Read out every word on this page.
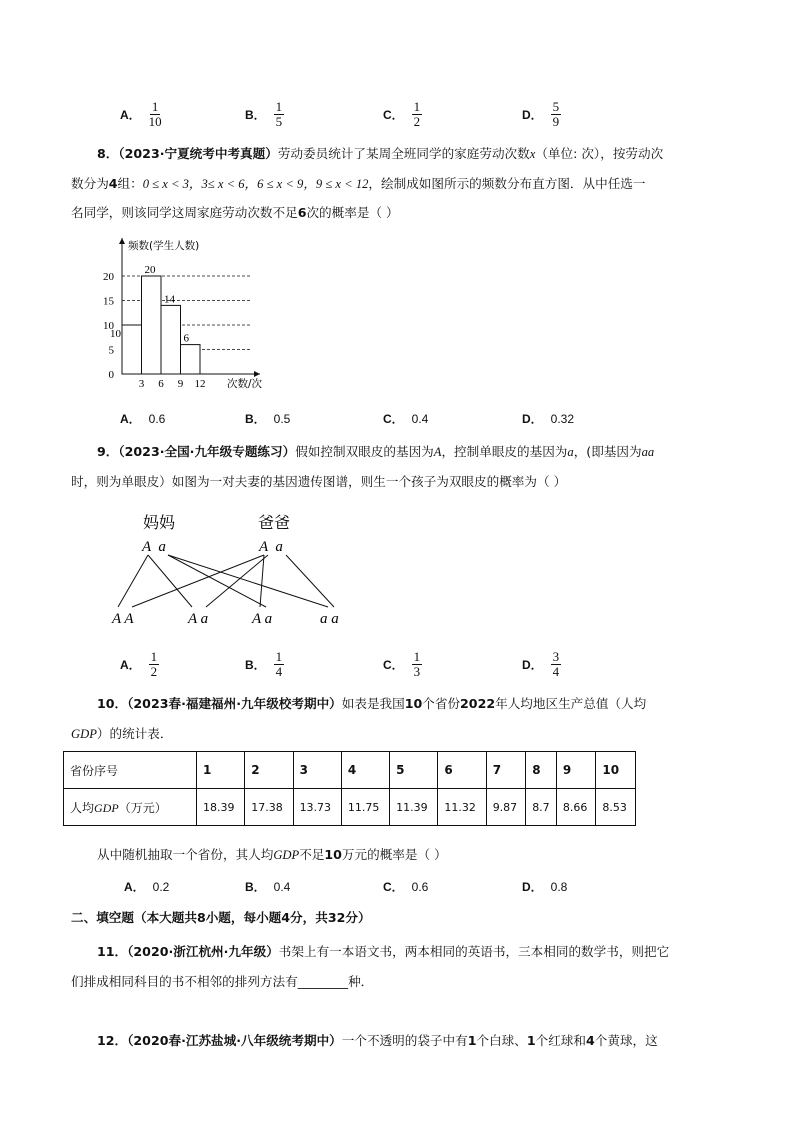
A． $\frac{1}{10}$	B． $\frac{1}{5}$	C． $\frac{1}{2}$	D． $\frac{5}{9}$
8．（2023·宁夏统考中考真题）劳动委员统计了某周全班同学的家庭劳动次数x（单位: 次），按劳动次
数分为4组：0 ≤ x < 3，3≤ x < 6，6 ≤ x < 9，9 ≤ x < 12，绘制成如图所示的频数分布直方图．从中任选一
名同学，则该同学这周家庭劳动次数不足6次的概率是（ ）
10
20
14
6
0
5
10
15
20
3 6 9 12
频数(学生人数)
次数/次
A． 0.6	B． 0.5	C． 0.4	D． 0.32
9．（2023·全国·九年级专题练习）假如控制双眼皮的基因为A，控制单眼皮的基因为a，(即基因为aa
时，则为单眼皮）如图为一对夫妻的基因遗传图谱，则生一个孩子为双眼皮的概率为（ ）
妈妈	爸爸
A  a	A  a
A A	A a	A a	a a
A． $\frac{1}{2}$	B． $\frac{1}{4}$	C． $\frac{1}{3}$	D． $\frac{3}{4}$
10．（2023春·福建福州·九年级校考期中）如表是我国10个省份2022年人均地区生产总值（人均
GDP）的统计表．
省份序号	1	2	3	4	5	6	7	8	9	10
人均GDP（万元）	18.39	17.38	13.73	11.75	11.39	11.32	9.87	8.7	8.66	8.53
从中随机抽取一个省份，其人均GDP不足10万元的概率是（ ）
A． 0.2	B． 0.4	C． 0.6	D． 0.8
二、填空题（本大题共8小题，每小题4分，共32分）
11．（2020·浙江杭州·九年级）书架上有一本语文书，两本相同的英语书，三本相同的数学书，则把它
们排成相同科目的书不相邻的排列方法有________种．
12．（2020春·江苏盐城·八年级统考期中）一个不透明的袋子中有1个白球、1个红球和4个黄球，这
